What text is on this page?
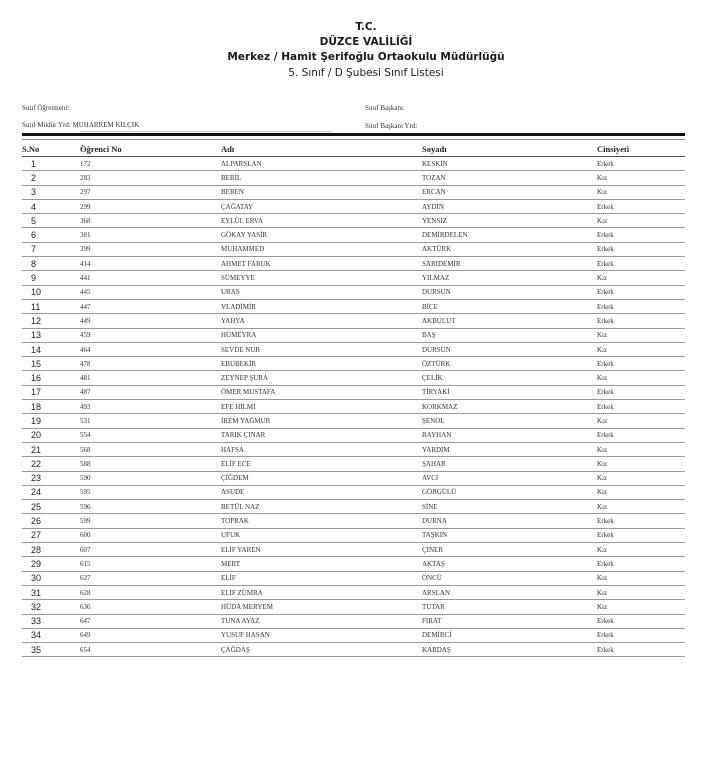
T.C.
DÜZCE VALİLİĞİ
Merkez / Hamit Şerifoğlu Ortaokulu Müdürlüğü
5. Sınıf / D Şubesi Sınıf Listesi
Sınıf Öğretmeni:
Sınıf Müdür Yrd: MUHARREM KILÇIK
Sınıf Başkanı:
Sınıf Başkanı Yrd:
S.No	Öğrenci No	Adı	Soyadı	Cinsiyeti
1	172	ALPARSLAN	KESKİN	Erkek
2	283	BERİL	TOZAN	Kız
3	297	BEREN	ERCAN	Kız
4	299	ÇAĞATAY	AYDIN	Erkek
5	368	EYLÜL ERVA	YENSİZ	Kız
6	381	GÖKAY YASİR	DEMİRDELEN	Erkek
7	399	MUHAMMED	AKTÜRK	Erkek
8	414	AHMET FARUK	SARIDEMİR	Erkek
9	441	SÜMEYYE	YILMAZ	Kız
10	445	URAS	DURSUN	Erkek
11	447	VLADİMİR	BİCE	Erkek
12	449	YAHYA	AKBULUT	Erkek
13	459	HÜMEYRA	BAŞ	Kız
14	464	SEVDE NUR	DURSUN	Kız
15	478	EBUBEKİR	ÖZTÜRK	Erkek
16	481	ZEYNEP ŞURA	ÇELİK	Kız
17	487	ÖMER MUSTAFA	TİRYAKİ	Erkek
18	493	EFE HİLMİ	KORKMAZ	Erkek
19	531	İREM YAĞMUR	ŞENOL	Kız
20	554	TARIK ÇINAR	BAYHAN	Erkek
21	568	HAFSA	YARDIM	Kız
22	588	ELİF ECE	ŞAHAR	Kız
23	590	ÇİĞDEM	AVCI	Kız
24	595	ASUDE	GÖRGÜLÜ	Kız
25	596	BETÜL NAZ	SİNE	Kız
26	599	TOPRAK	DURNA	Erkek
27	600	UFUK	TAŞKIN	Erkek
28	607	ELİF YAREN	ÇİNER	Kız
29	615	MERT	AKTAŞ	Erkek
30	627	ELİF	ÖNCÜ	Kız
31	628	ELİF ZÜMRA	ARSLAN	Kız
32	636	HÜDA MERYEM	TUTAR	Kız
33	647	TUNA AYAZ	FIRAT	Erkek
34	649	YUSUF HASAN	DEMİRCİ	Erkek
35	654	ÇAĞDAŞ	KARDAŞ	Erkek
